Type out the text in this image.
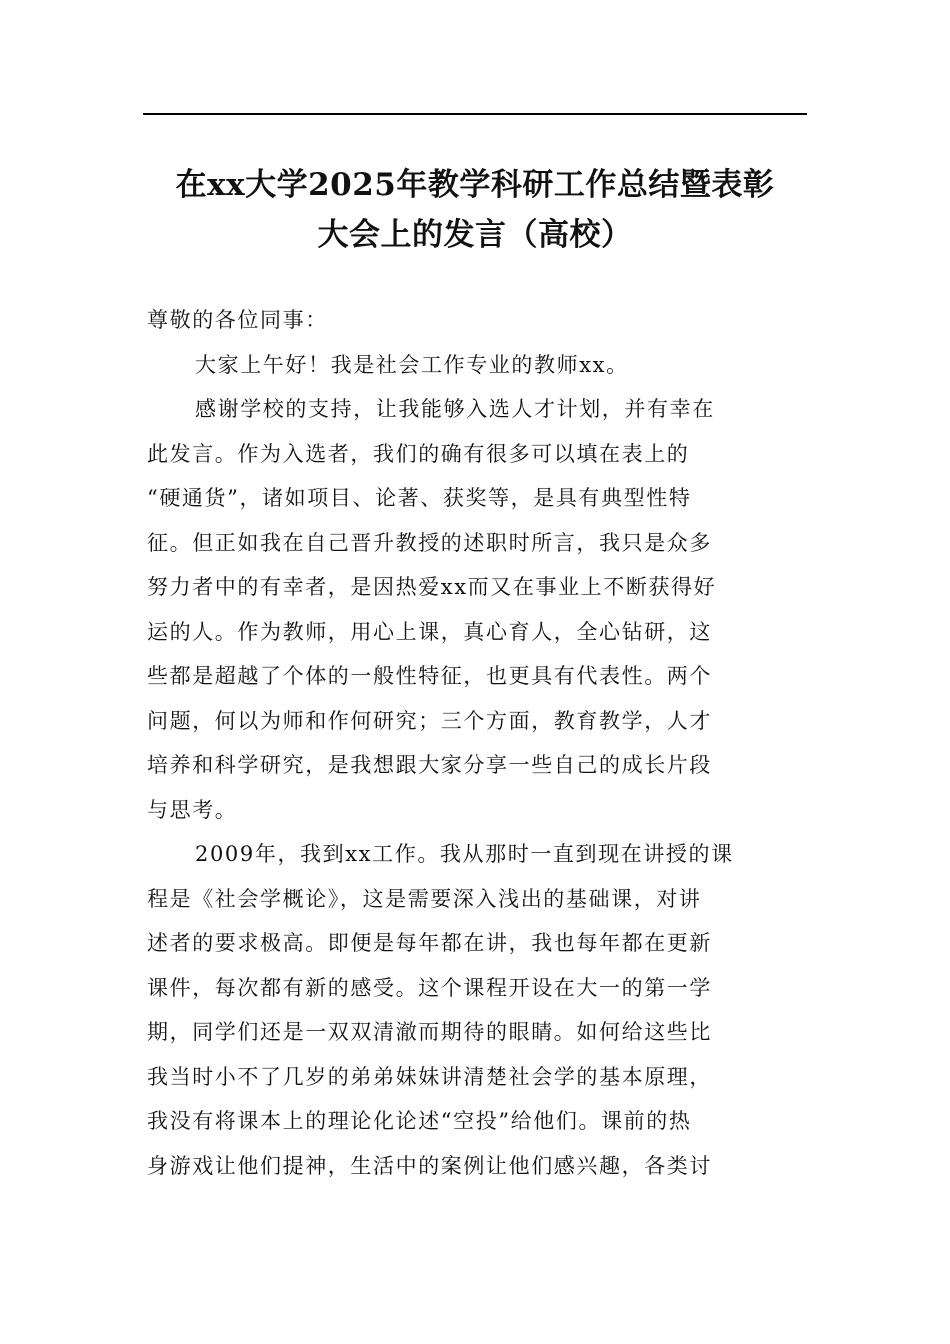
在xx大学2025年教学科研工作总结暨表彰
大会上的发言（高校）
尊敬的各位同事：
大家上午好！我是社会工作专业的教师xx。
感谢学校的支持，让我能够入选人才计划，并有幸在
此发言。作为入选者，我们的确有很多可以填在表上的
“硬通货”，诸如项目、论著、获奖等，是具有典型性特
征。但正如我在自己晋升教授的述职时所言，我只是众多
努力者中的有幸者，是因热爱xx而又在事业上不断获得好
运的人。作为教师，用心上课，真心育人，全心钻研，这
些都是超越了个体的一般性特征，也更具有代表性。两个
问题，何以为师和作何研究；三个方面，教育教学，人才
培养和科学研究，是我想跟大家分享一些自己的成长片段
与思考。
2009年，我到xx工作。我从那时一直到现在讲授的课
程是《社会学概论》，这是需要深入浅出的基础课，对讲
述者的要求极高。即便是每年都在讲，我也每年都在更新
课件，每次都有新的感受。这个课程开设在大一的第一学
期，同学们还是一双双清澈而期待的眼睛。如何给这些比
我当时小不了几岁的弟弟妹妹讲清楚社会学的基本原理，
我没有将课本上的理论化论述“空投”给他们。课前的热
身游戏让他们提神，生活中的案例让他们感兴趣，各类讨
